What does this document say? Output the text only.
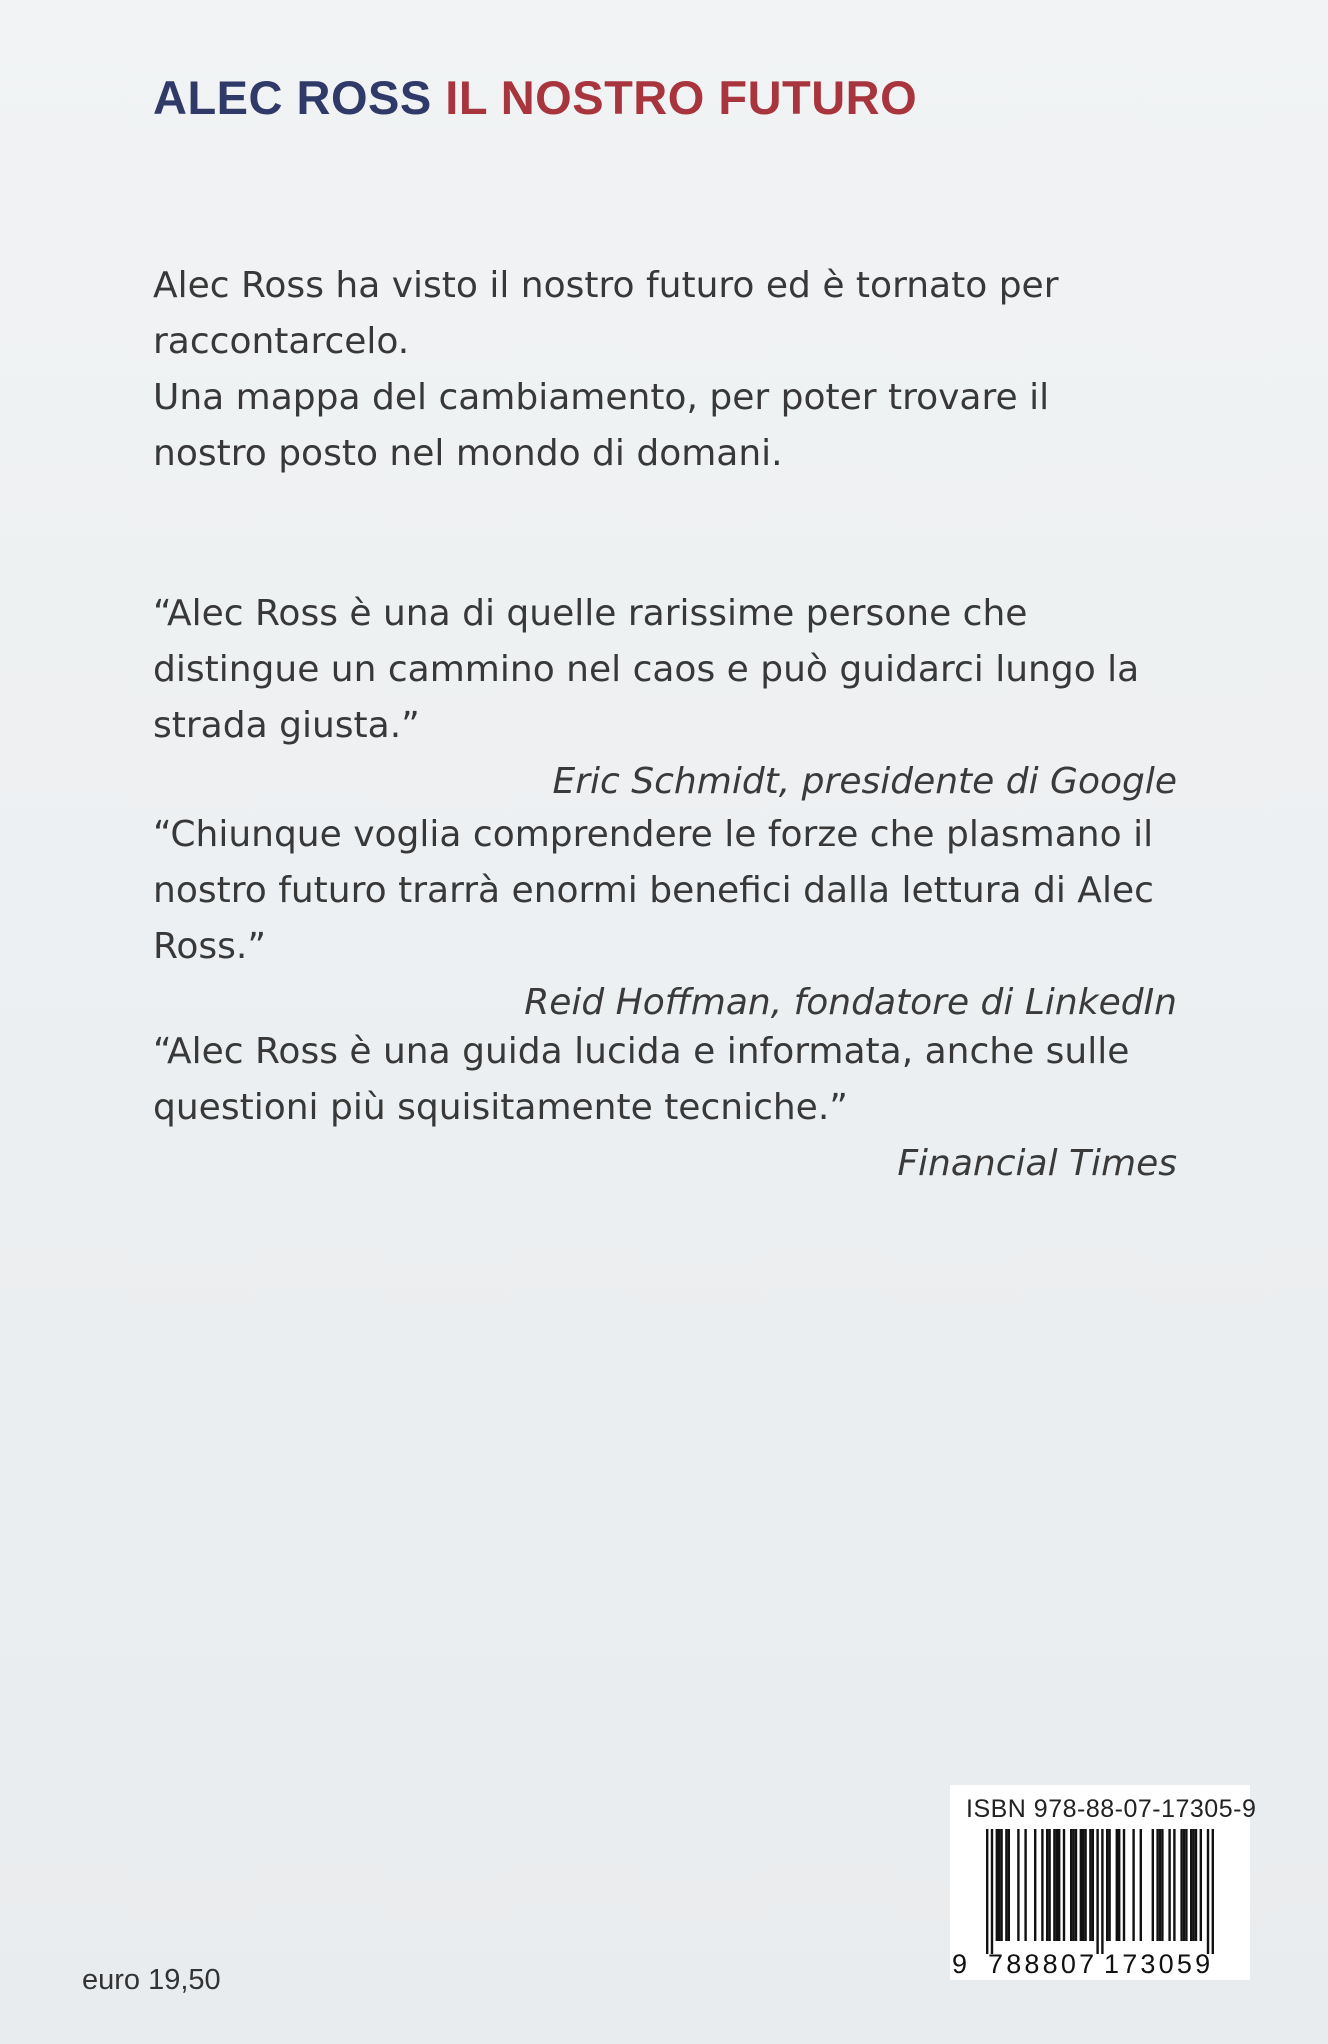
ALEC ROSS IL NOSTRO FUTURO

Alec Ross ha visto il nostro futuro ed è tornato per raccontarcelo.

Una mappa del cambiamento, per poter trovare il nostro posto nel mondo di domani.

“Alec Ross è una di quelle rarissime persone che distingue un cammino nel caos e può guidarci lungo la strada giusta.”

Eric Schmidt, presidente di Google

“Chiunque voglia comprendere le forze che plasmano il nostro futuro trarrà enormi benefici dalla lettura di Alec Ross.”

Reid Hoffman, fondatore di LinkedIn

“Alec Ross è una guida lucida e informata, anche sulle questioni più squisitamente tecniche.”

Financial Times

euro 19,50
ISBN 978-88-07-17305-9
9 788807 173059
